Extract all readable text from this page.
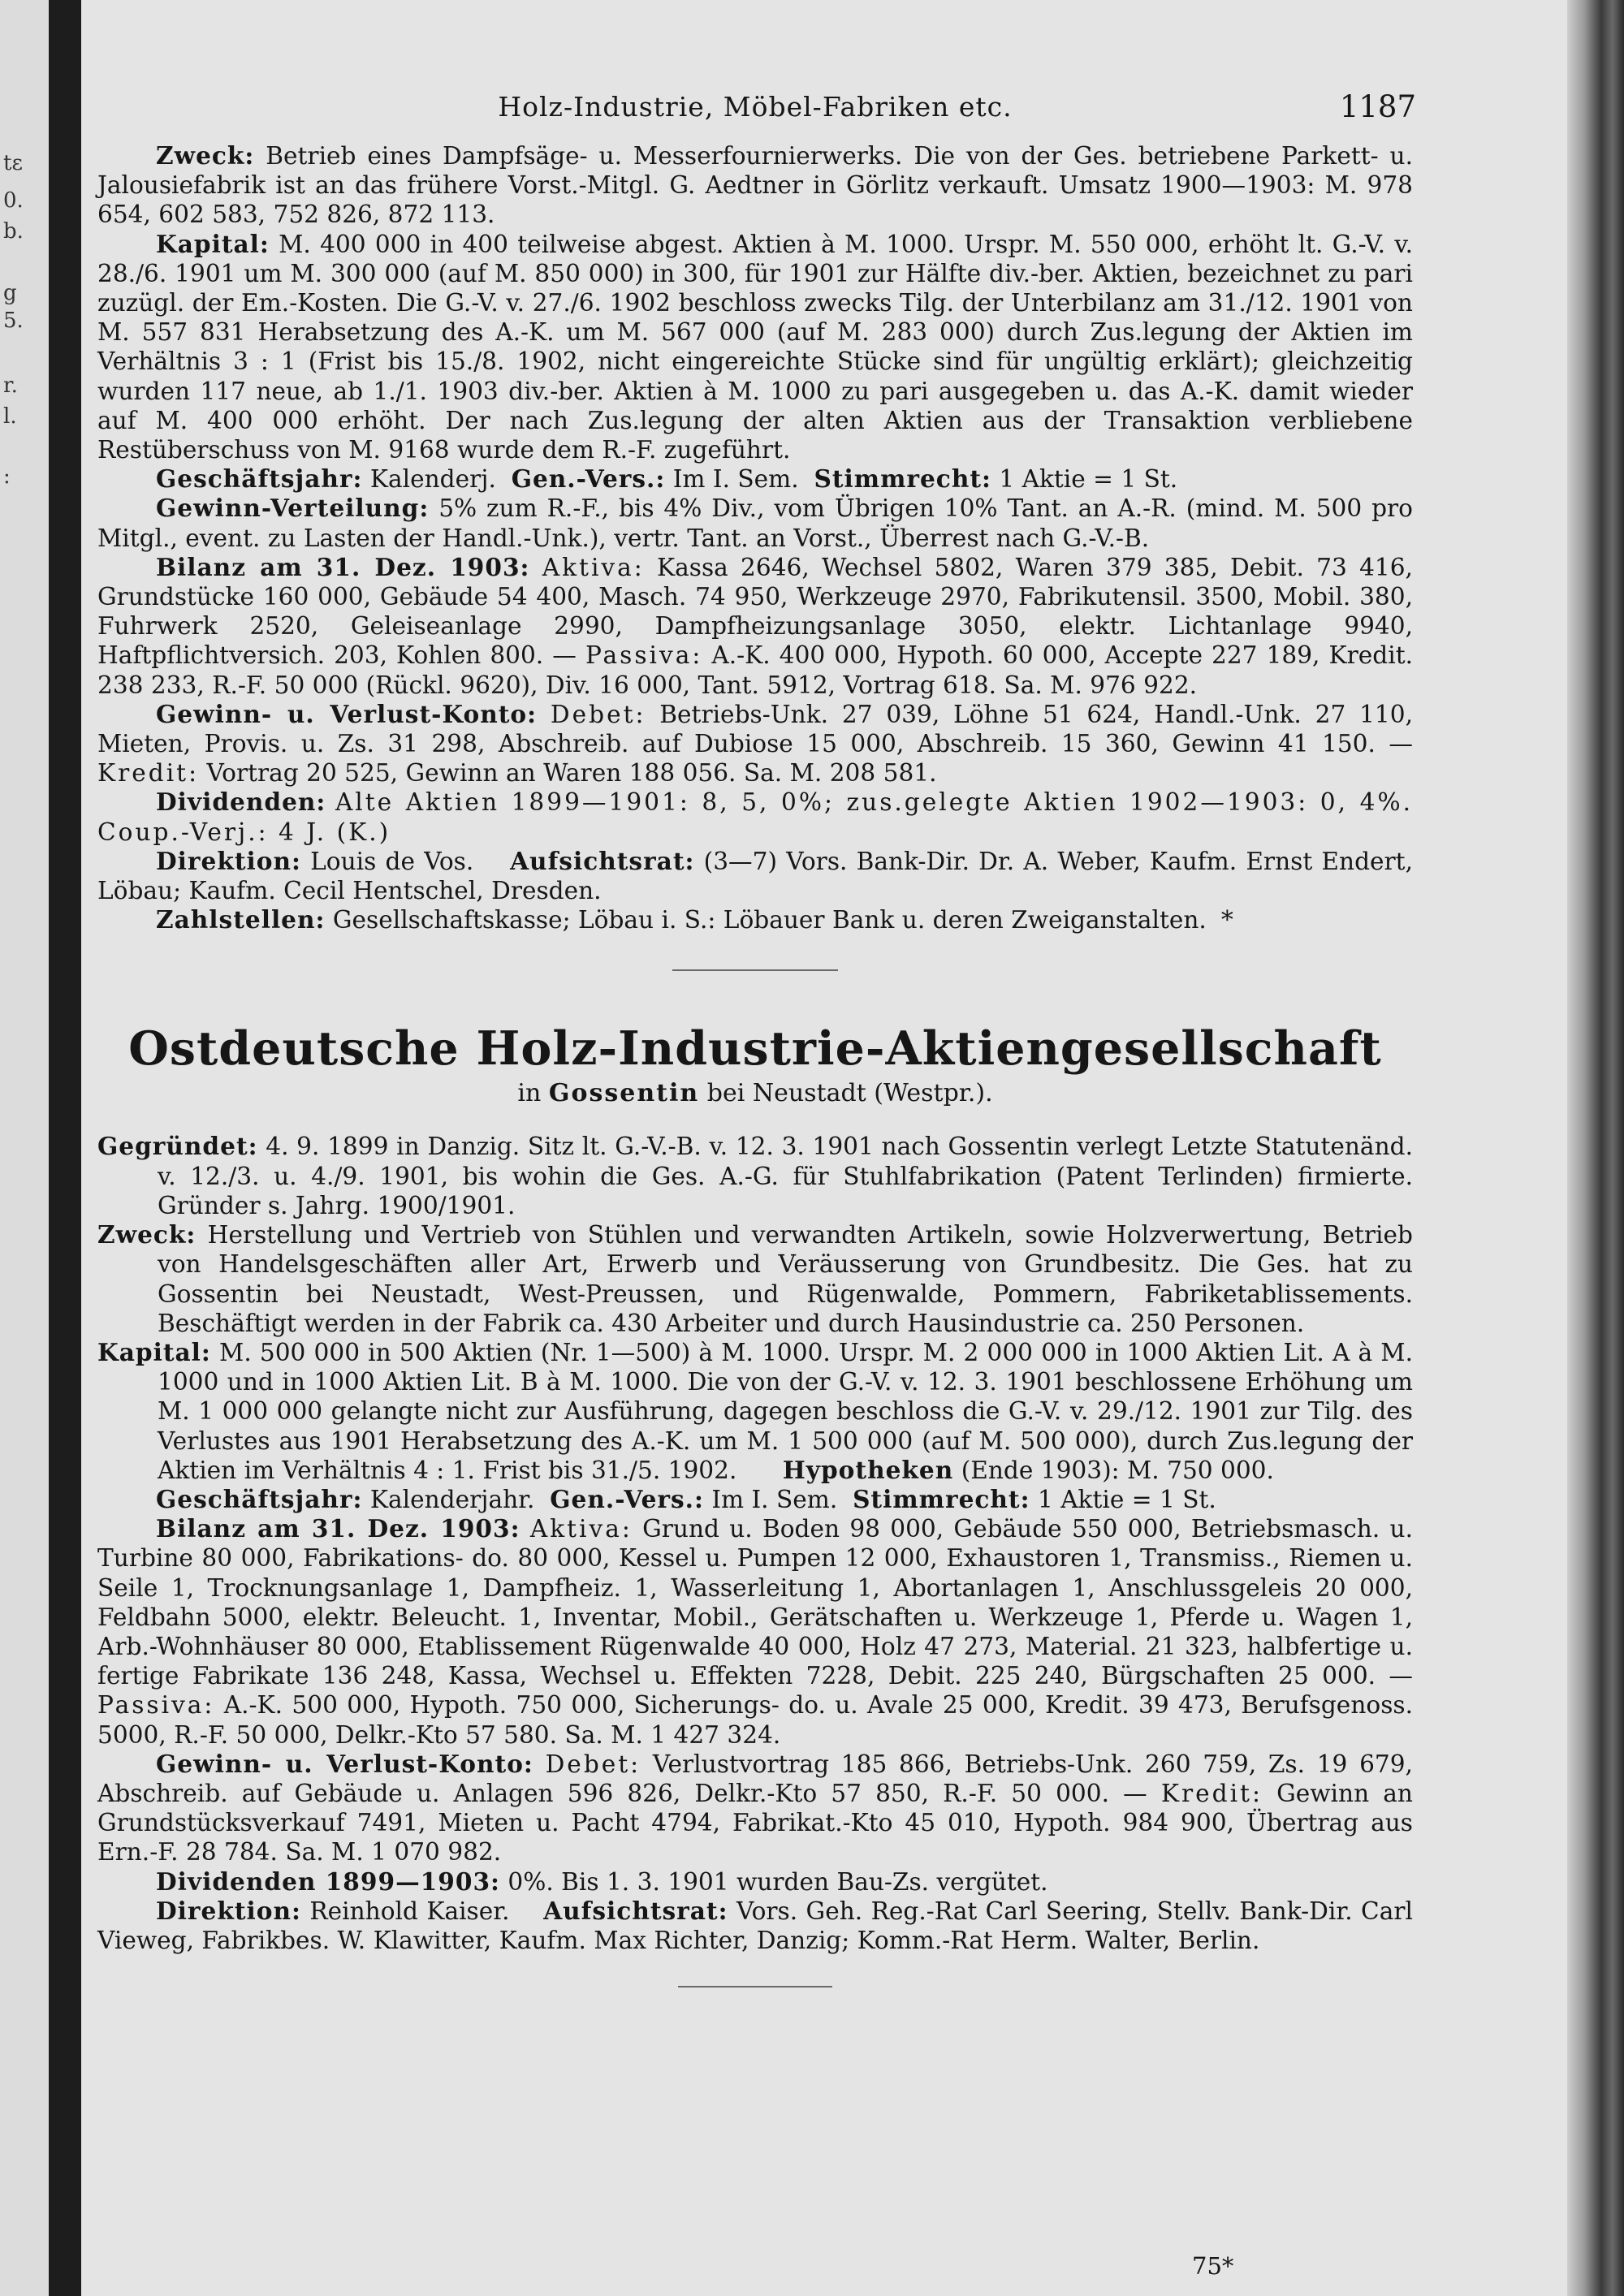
tε
0.
b.
g
5.
r.
l.
:
Holz-Industrie, Möbel-Fabriken etc.	1187

Zweck: Betrieb eines Dampfsäge- u. Messerfournierwerks. Die von der Ges. betriebene Parkett- u. Jalousiefabrik ist an das frühere Vorst.-Mitgl. G. Aedtner in Görlitz verkauft. Umsatz 1900—1903: M. 978 654, 602 583, 752 826, 872 113.

Kapital: M. 400 000 in 400 teilweise abgest. Aktien à M. 1000. Urspr. M. 550 000, erhöht lt. G.-V. v. 28./6. 1901 um M. 300 000 (auf M. 850 000) in 300, für 1901 zur Hälfte div.-ber. Aktien, bezeichnet zu pari zuzügl. der Em.-Kosten. Die G.-V. v. 27./6. 1902 beschloss zwecks Tilg. der Unterbilanz am 31./12. 1901 von M. 557 831 Herabsetzung des A.-K. um M. 567 000 (auf M. 283 000) durch Zus.legung der Aktien im Verhältnis 3 : 1 (Frist bis 15./8. 1902, nicht eingereichte Stücke sind für ungültig erklärt); gleichzeitig wurden 117 neue, ab 1./1. 1903 div.-ber. Aktien à M. 1000 zu pari ausgegeben u. das A.-K. damit wieder auf M. 400 000 erhöht. Der nach Zus.legung der alten Aktien aus der Transaktion verbliebene Restüberschuss von M. 9168 wurde dem R.-F. zugeführt.

Geschäftsjahr: Kalenderj. Gen.-Vers.: Im I. Sem. Stimmrecht: 1 Aktie = 1 St.

Gewinn-Verteilung: 5% zum R.-F., bis 4% Div., vom Übrigen 10% Tant. an A.-R. (mind. M. 500 pro Mitgl., event. zu Lasten der Handl.-Unk.), vertr. Tant. an Vorst., Überrest nach G.-V.-B.

Bilanz am 31. Dez. 1903: Aktiva: Kassa 2646, Wechsel 5802, Waren 379 385, Debit. 73 416, Grundstücke 160 000, Gebäude 54 400, Masch. 74 950, Werkzeuge 2970, Fabrikutensil. 3500, Mobil. 380, Fuhrwerk 2520, Geleiseanlage 2990, Dampfheizungsanlage 3050, elektr. Lichtanlage 9940, Haftpflichtversich. 203, Kohlen 800. — Passiva: A.-K. 400 000, Hypoth. 60 000, Accepte 227 189, Kredit. 238 233, R.-F. 50 000 (Rückl. 9620), Div. 16 000, Tant. 5912, Vortrag 618. Sa. M. 976 922.

Gewinn- u. Verlust-Konto: Debet: Betriebs-Unk. 27 039, Löhne 51 624, Handl.-Unk. 27 110, Mieten, Provis. u. Zs. 31 298, Abschreib. auf Dubiose 15 000, Abschreib. 15 360, Gewinn 41 150. — Kredit: Vortrag 20 525, Gewinn an Waren 188 056. Sa. M. 208 581.

Dividenden: Alte Aktien 1899—1901: 8, 5, 0%; zus.gelegte Aktien 1902—1903: 0, 4%. Coup.-Verj.: 4 J. (K.)

Direktion: Louis de Vos. Aufsichtsrat: (3—7) Vors. Bank-Dir. Dr. A. Weber, Kaufm. Ernst Endert, Löbau; Kaufm. Cecil Hentschel, Dresden.

Zahlstellen: Gesellschaftskasse; Löbau i. S.: Löbauer Bank u. deren Zweiganstalten. *

Ostdeutsche Holz-Industrie-Aktiengesellschaft
in Gossentin bei Neustadt (Westpr.).

Gegründet: 4. 9. 1899 in Danzig. Sitz lt. G.-V.-B. v. 12. 3. 1901 nach Gossentin verlegt Letzte Statutenänd. v. 12./3. u. 4./9. 1901, bis wohin die Ges. A.-G. für Stuhlfabrikation (Patent Terlinden) firmierte. Gründer s. Jahrg. 1900/1901.

Zweck: Herstellung und Vertrieb von Stühlen und verwandten Artikeln, sowie Holzverwertung, Betrieb von Handelsgeschäften aller Art, Erwerb und Veräusserung von Grundbesitz. Die Ges. hat zu Gossentin bei Neustadt, West-Preussen, und Rügenwalde, Pommern, Fabriketablissements. Beschäftigt werden in der Fabrik ca. 430 Arbeiter und durch Hausindustrie ca. 250 Personen.

Kapital: M. 500 000 in 500 Aktien (Nr. 1—500) à M. 1000. Urspr. M. 2 000 000 in 1000 Aktien Lit. A à M. 1000 und in 1000 Aktien Lit. B à M. 1000. Die von der G.-V. v. 12. 3. 1901 beschlossene Erhöhung um M. 1 000 000 gelangte nicht zur Ausführung, dagegen beschloss die G.-V. v. 29./12. 1901 zur Tilg. des Verlustes aus 1901 Herabsetzung des A.-K. um M. 1 500 000 (auf M. 500 000), durch Zus.legung der Aktien im Verhältnis 4 : 1. Frist bis 31./5. 1902. Hypotheken (Ende 1903): M. 750 000.

Geschäftsjahr: Kalenderjahr. Gen.-Vers.: Im I. Sem. Stimmrecht: 1 Aktie = 1 St.

Bilanz am 31. Dez. 1903: Aktiva: Grund u. Boden 98 000, Gebäude 550 000, Betriebsmasch. u. Turbine 80 000, Fabrikations- do. 80 000, Kessel u. Pumpen 12 000, Exhaustoren 1, Transmiss., Riemen u. Seile 1, Trocknungsanlage 1, Dampfheiz. 1, Wasserleitung 1, Abortanlagen 1, Anschlussgeleis 20 000, Feldbahn 5000, elektr. Beleucht. 1, Inventar, Mobil., Gerätschaften u. Werkzeuge 1, Pferde u. Wagen 1, Arb.-Wohnhäuser 80 000, Etablissement Rügenwalde 40 000, Holz 47 273, Material. 21 323, halbfertige u. fertige Fabrikate 136 248, Kassa, Wechsel u. Effekten 7228, Debit. 225 240, Bürgschaften 25 000. — Passiva: A.-K. 500 000, Hypoth. 750 000, Sicherungs- do. u. Avale 25 000, Kredit. 39 473, Berufsgenoss. 5000, R.-F. 50 000, Delkr.-Kto 57 580. Sa. M. 1 427 324.

Gewinn- u. Verlust-Konto: Debet: Verlustvortrag 185 866, Betriebs-Unk. 260 759, Zs. 19 679, Abschreib. auf Gebäude u. Anlagen 596 826, Delkr.-Kto 57 850, R.-F. 50 000. — Kredit: Gewinn an Grundstücksverkauf 7491, Mieten u. Pacht 4794, Fabrikat.-Kto 45 010, Hypoth. 984 900, Übertrag aus Ern.-F. 28 784. Sa. M. 1 070 982.

Dividenden 1899—1903: 0%. Bis 1. 3. 1901 wurden Bau-Zs. vergütet.

Direktion: Reinhold Kaiser. Aufsichtsrat: Vors. Geh. Reg.-Rat Carl Seering, Stellv. Bank-Dir. Carl Vieweg, Fabrikbes. W. Klawitter, Kaufm. Max Richter, Danzig; Komm.-Rat Herm. Walter, Berlin.

75*
